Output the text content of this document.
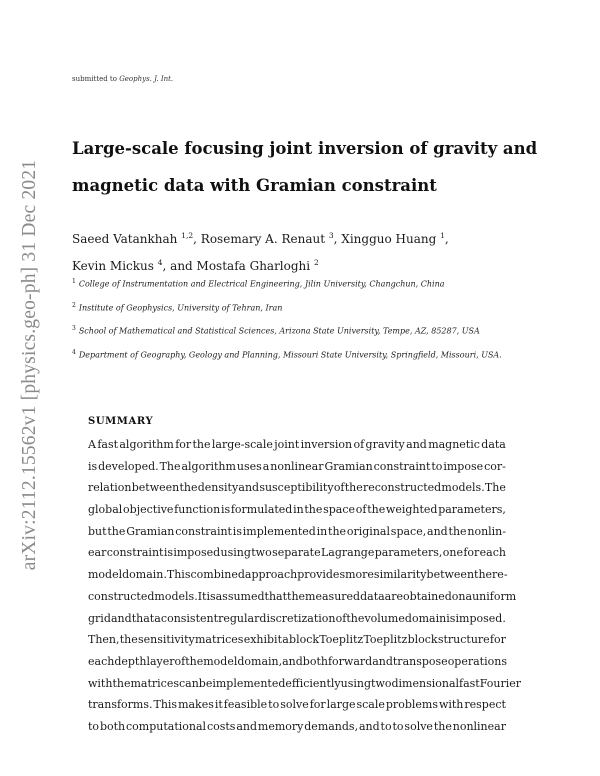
arXiv:2112.15562v1 [physics.geo-ph] 31 Dec 2021
submitted to Geophys. J. Int.
Large-scale focusing joint inversion of gravity and
magnetic data with Gramian constraint
Saeed Vatankhah $^{1,2}$, Rosemary A. Renaut $^3$, Xingguo Huang $^1$,
Kevin Mickus $^4$, and Mostafa Gharloghi $^2$
$^1$ College of Instrumentation and Electrical Engineering, Jilin University, Changchun, China
$^2$ Institute of Geophysics, University of Tehran, Iran
$^3$ School of Mathematical and Statistical Sciences, Arizona State University, Tempe, AZ, 85287, USA
$^4$ Department of Geography, Geology and Planning, Missouri State University, Springfield, Missouri, USA.
SUMMARY
A fast algorithm for the large-scale joint inversion of gravity and magnetic data
is developed. The algorithm uses a nonlinear Gramian constraint to impose cor-
relation between the density and susceptibility of the reconstructed models. The
global objective function is formulated in the space of the weighted parameters,
but the Gramian constraint is implemented in the original space, and the nonlin-
ear constraint is imposed using two separate Lagrange parameters, one for each
model domain. This combined approach provides more similarity between the re-
constructed models. It is assumed that the measured data are obtained on a uniform
grid and that a consistent regular discretization of the volume domain is imposed.
Then, the sensitivity matrices exhibit a block Toeplitz Toeplitz block structure for
each depth layer of the model domain, and both forward and transpose operations
with the matrices can be implemented efficiently using two dimensional fast Fourier
transforms. This makes it feasible to solve for large scale problems with respect
to both computational costs and memory demands, and to to solve the nonlinear
